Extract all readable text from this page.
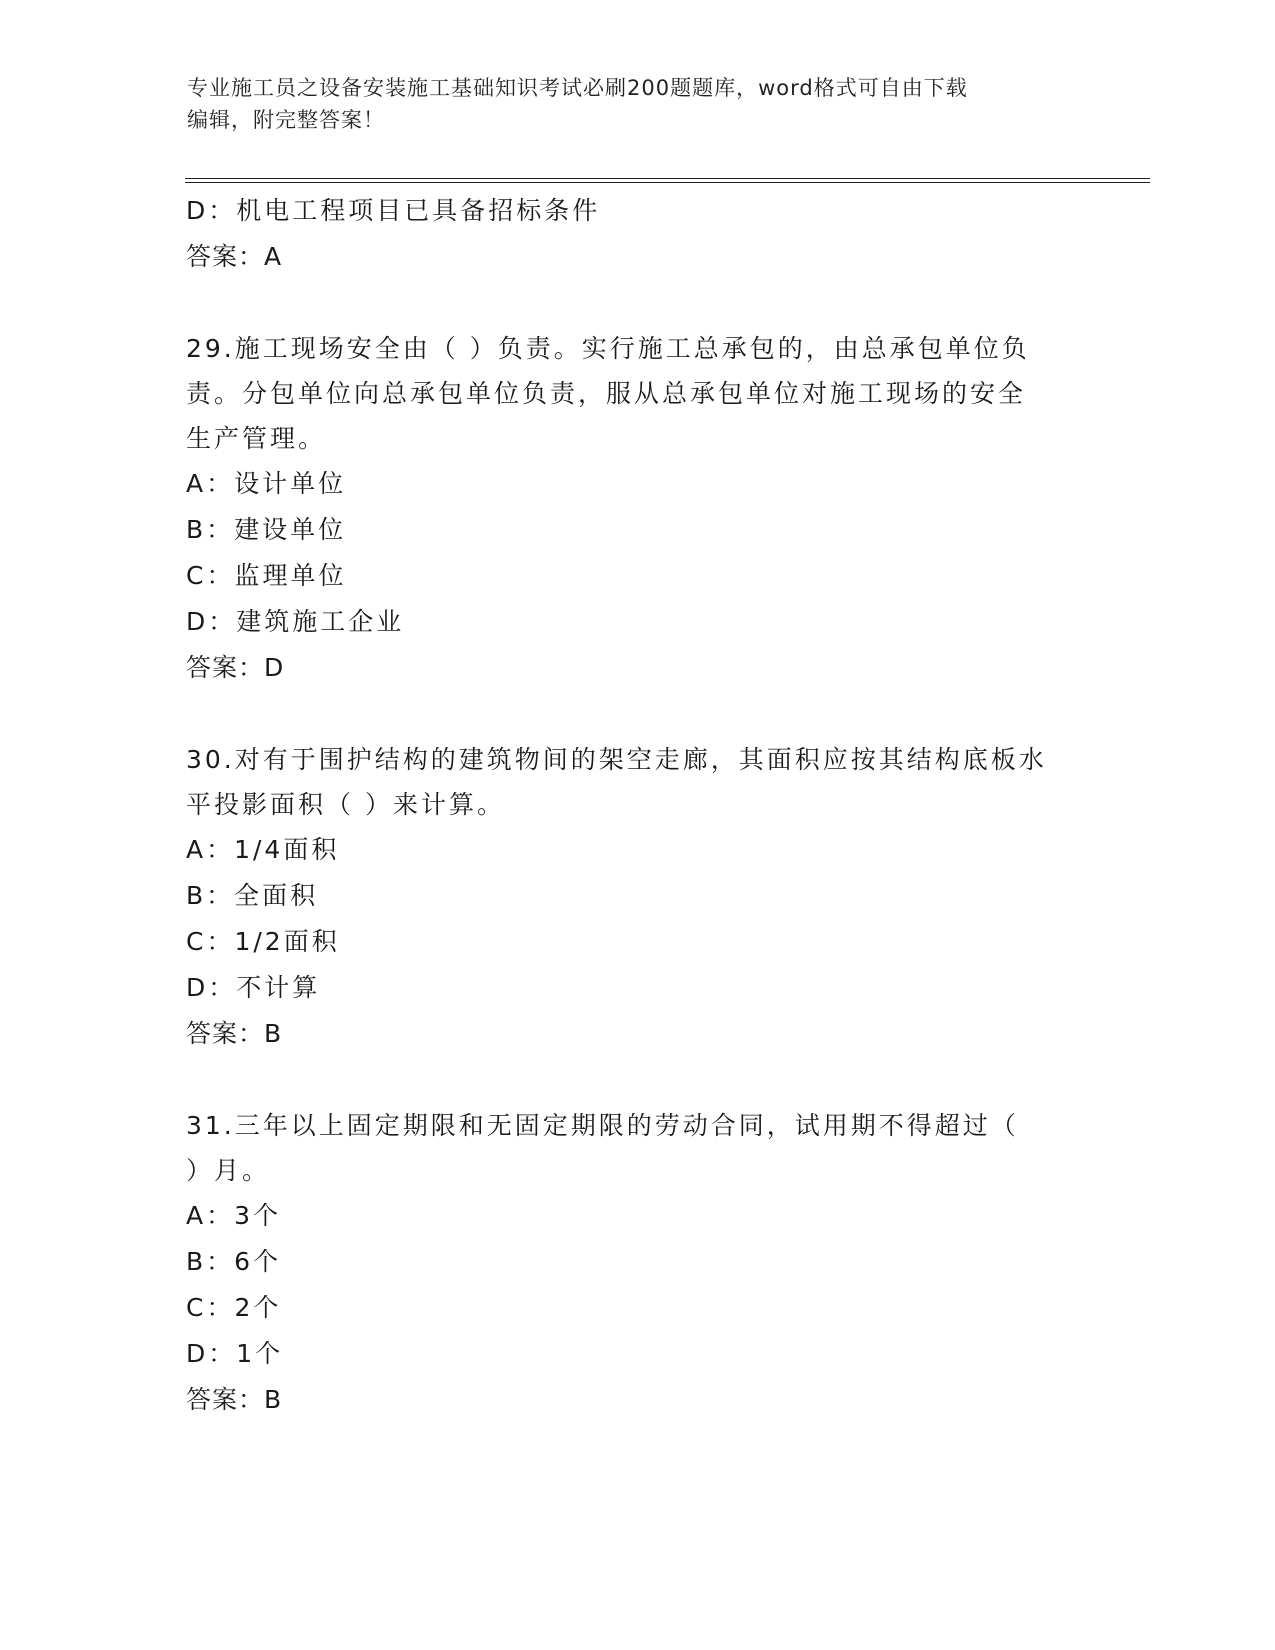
专业施工员之设备安装施工基础知识考试必刷200题题库，word格式可自由下载
编辑，附完整答案！
D：机电工程项目已具备招标条件
答案：A
29.施工现场安全由（ ）负责。实行施工总承包的，由总承包单位负
责。分包单位向总承包单位负责，服从总承包单位对施工现场的安全
生产管理。
A：设计单位
B：建设单位
C：监理单位
D：建筑施工企业
答案：D
30.对有于围护结构的建筑物间的架空走廊，其面积应按其结构底板水
平投影面积（ ）来计算。
A：1/4面积
B：全面积
C：1/2面积
D：不计算
答案：B
31.三年以上固定期限和无固定期限的劳动合同，试用期不得超过（
）月。
A：3个
B：6个
C：2个
D：1个
答案：B
